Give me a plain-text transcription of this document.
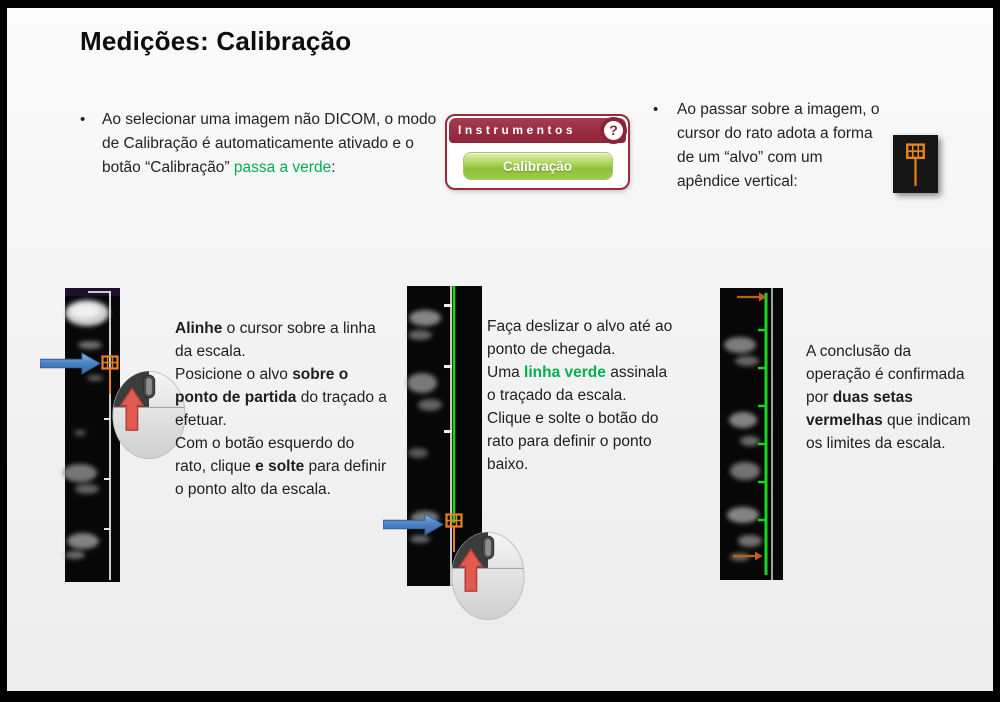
Medições: Calibração
• Ao selecionar uma imagem não DICOM, o modo de Calibração é automaticamente ativado e o botão “Calibração” passa a verde:
• Ao passar sobre a imagem, o cursor do rato adota a forma de um “alvo” com um apêndice vertical:
Instrumentos	?
Calibração
Alinhe o cursor sobre a linha da escala.
Posicione o alvo sobre o ponto de partida do traçado a efetuar.
Com o botão esquerdo do rato, clique e solte para definir o ponto alto da escala.
Faça deslizar o alvo até ao ponto de chegada.
Uma linha verde assinala o traçado da escala.
Clique e solte o botão do rato para definir o ponto baixo.
A conclusão da operação é confirmada por duas setas vermelhas que indicam os limites da escala.
